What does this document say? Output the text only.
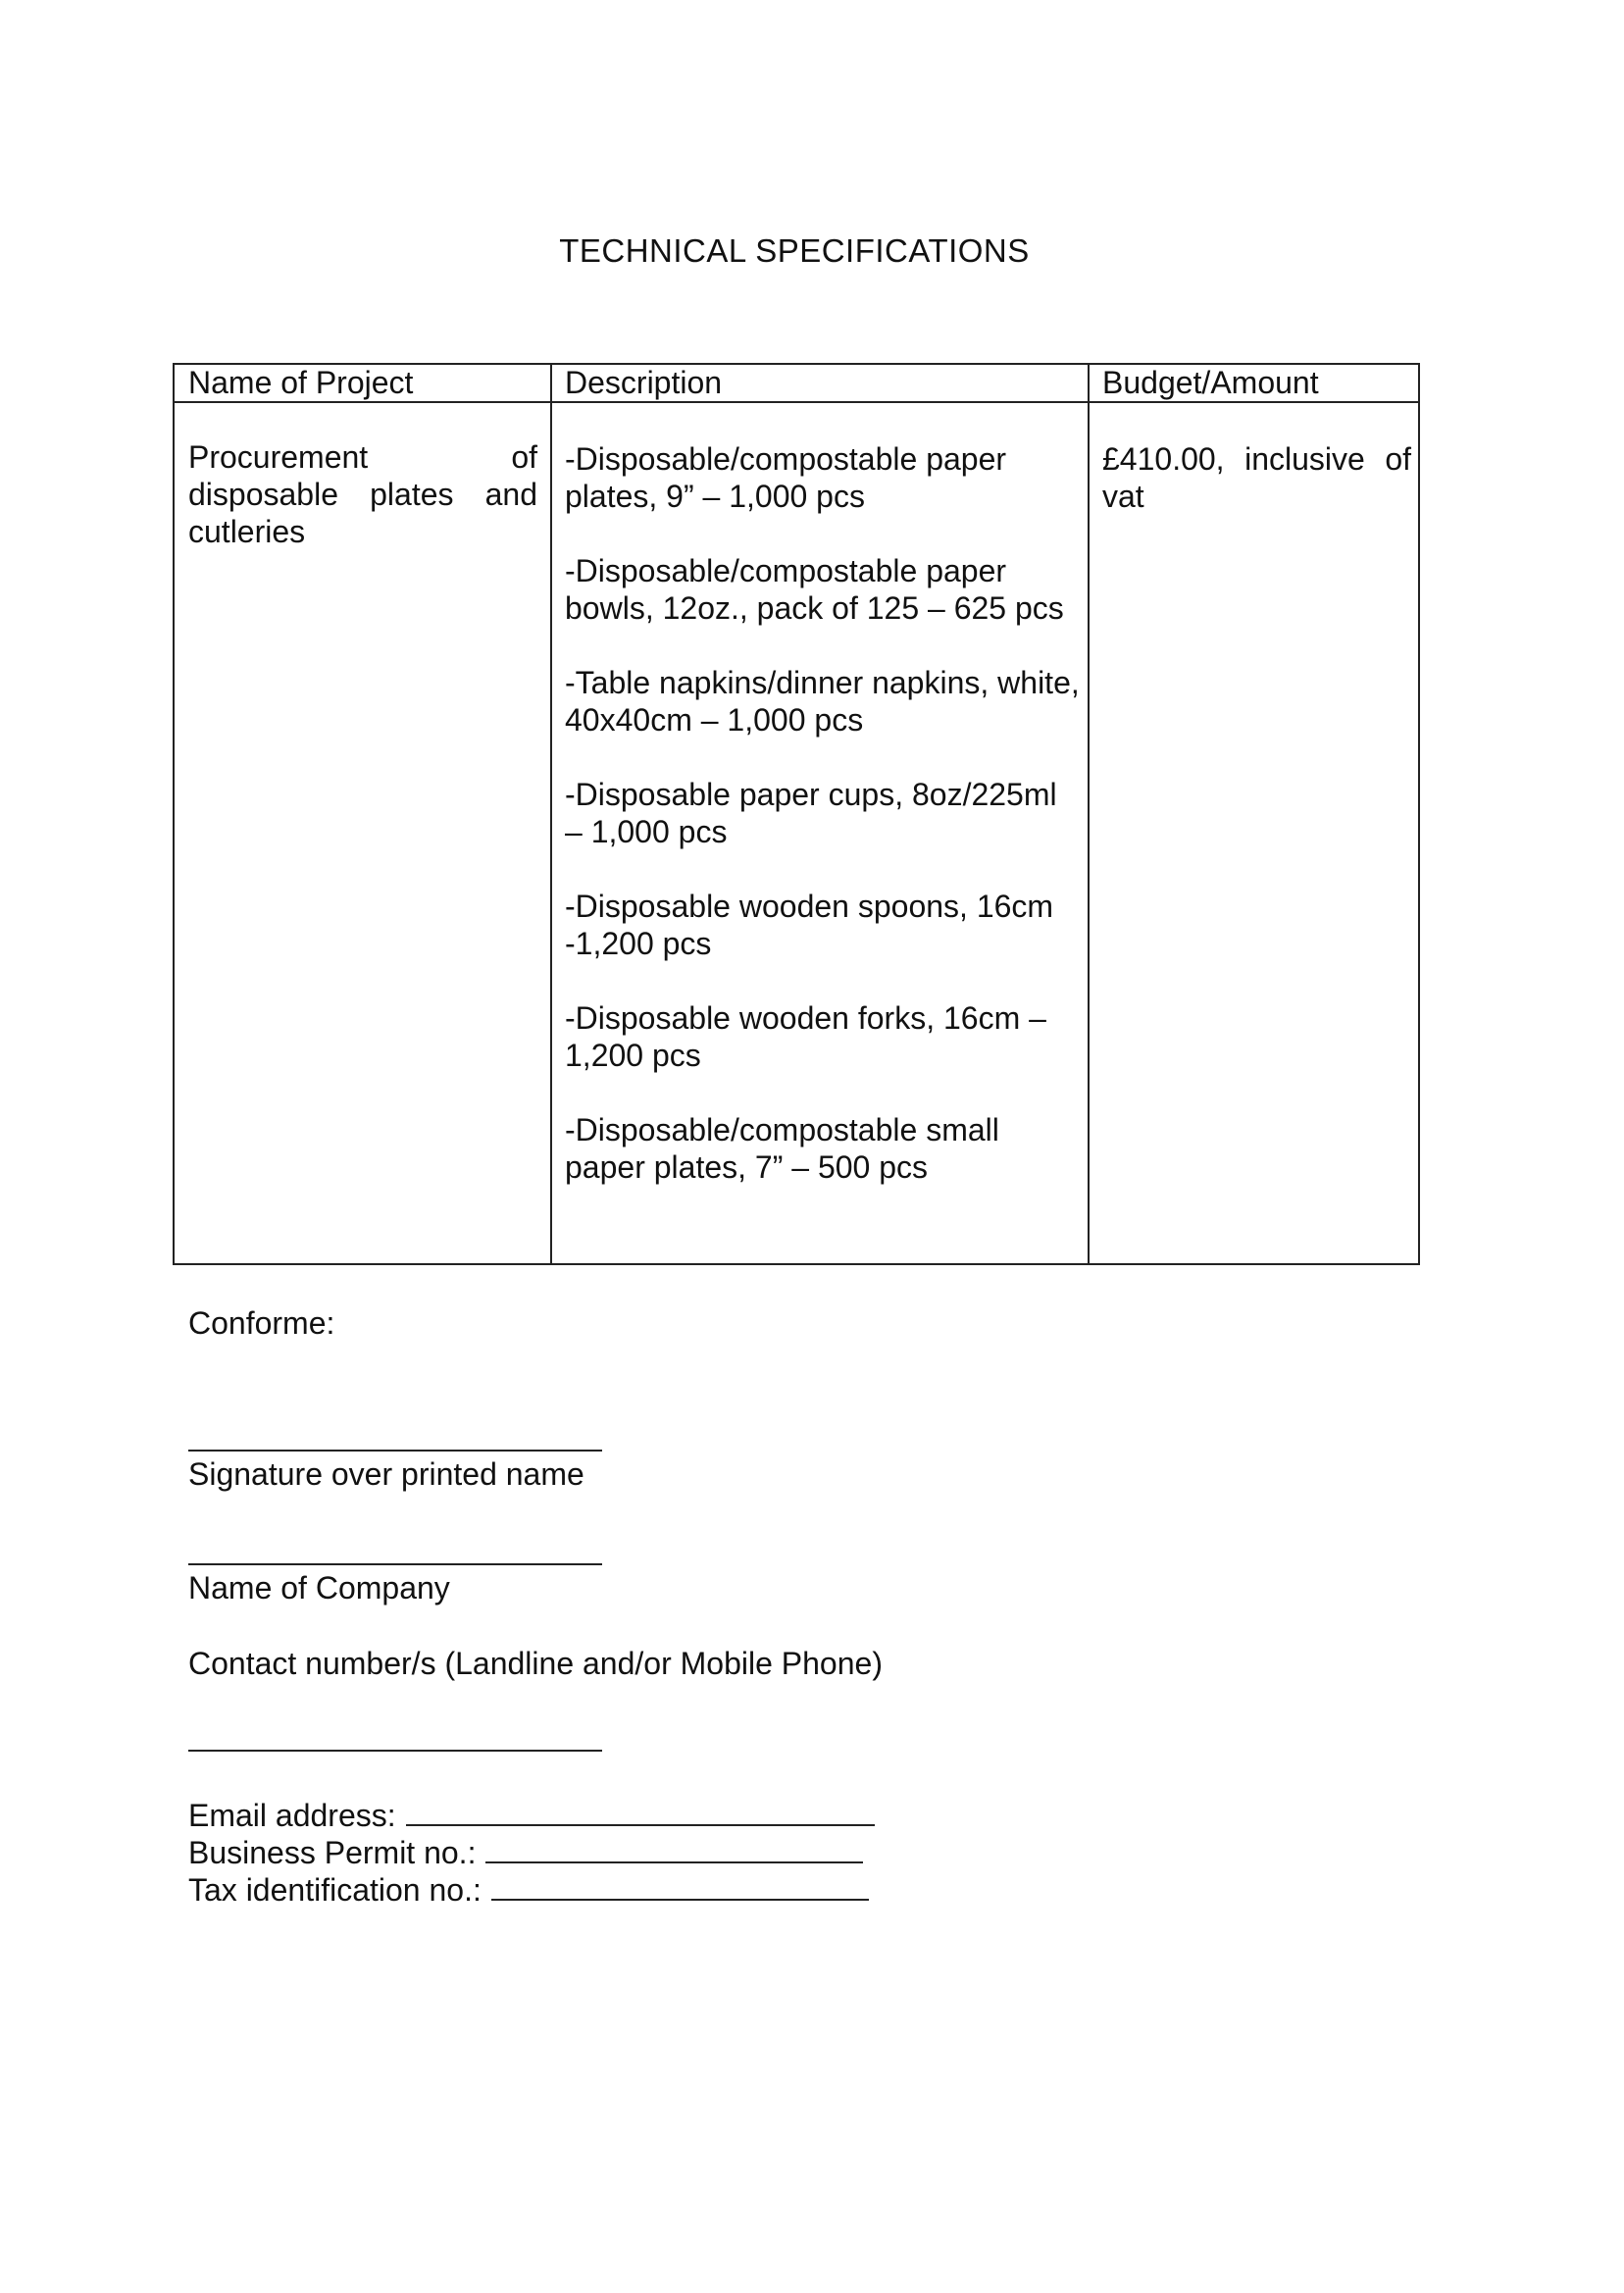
TECHNICAL SPECIFICATIONS
Name of Project	Description	Budget/Amount
Procurement of disposable plates and cutleries
-Disposable/compostable paper plates, 9” – 1,000 pcs
-Disposable/compostable paper bowls, 12oz., pack of 125 – 625 pcs
-Table napkins/dinner napkins, white, 40x40cm – 1,000 pcs
-Disposable paper cups, 8oz/225ml – 1,000 pcs
-Disposable wooden spoons, 16cm -1,200 pcs
-Disposable wooden forks, 16cm – 1,200 pcs
-Disposable/compostable small paper plates, 7” – 500 pcs
£410.00, inclusive of vat
Conforme:
Signature over printed name
Name of Company
Contact number/s (Landline and/or Mobile Phone)
Email address:
Business Permit no.:
Tax identification no.:
